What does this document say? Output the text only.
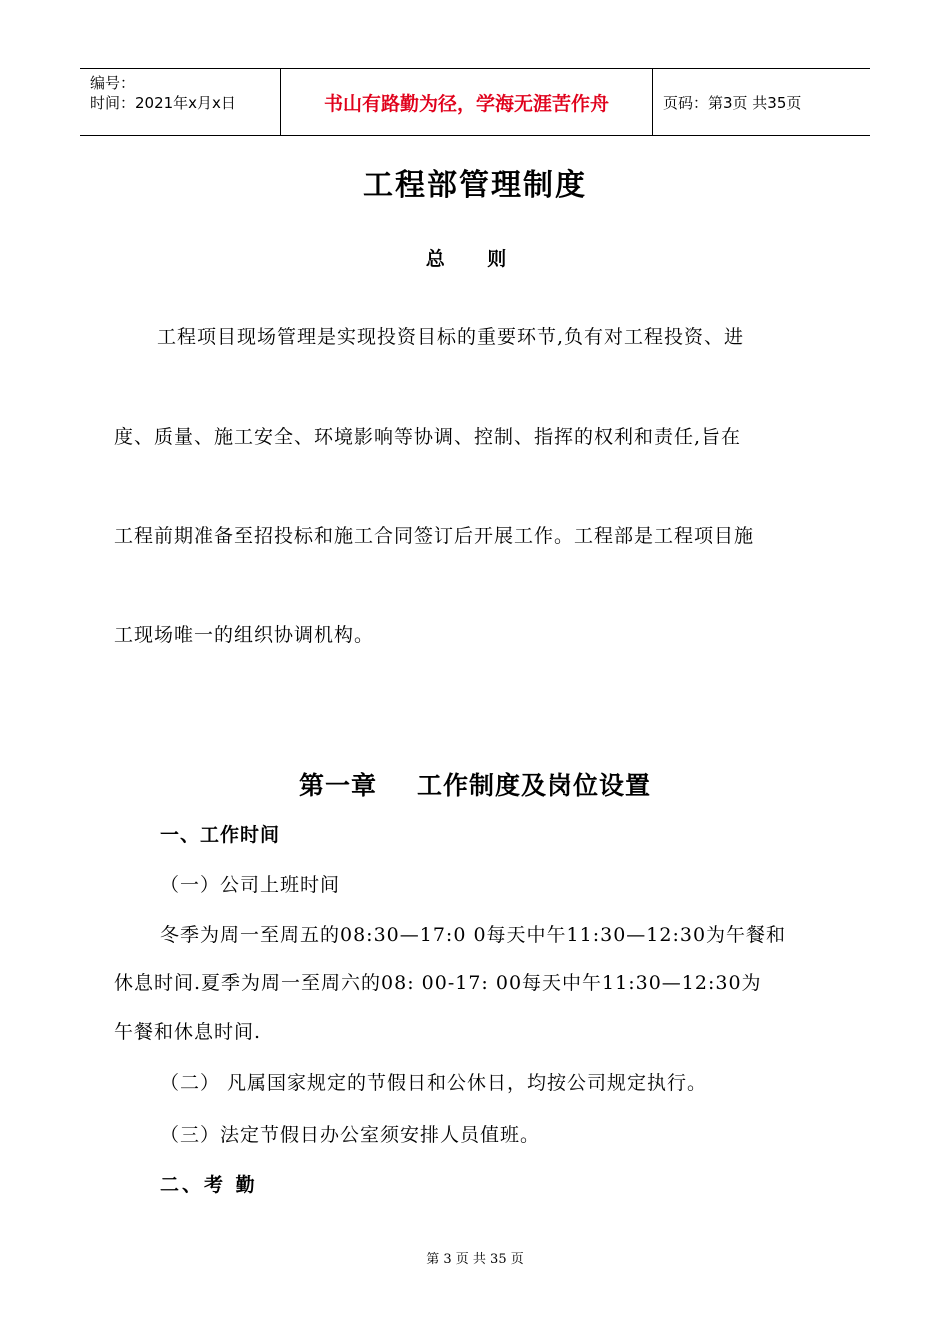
编号：
时间：2021年x月x日	书山有路勤为径，学海无涯苦作舟	页码：第3页 共35页
工程部管理制度
总 则
工程项目现场管理是实现投资目标的重要环节,负有对工程投资、进
度、质量、施工安全、环境影响等协调、控制、指挥的权利和责任,旨在
工程前期准备至招投标和施工合同签订后开展工作。工程部是工程项目施
工现场唯一的组织协调机构。
第一章 工作制度及岗位设置
一、工作时间
（一）公司上班时间
冬季为周一至周五的08:30—17:0 0每天中午11:30—12:30为午餐和
休息时间.夏季为周一至周六的08: 00-17: 00每天中午11:30—12:30为
午餐和休息时间.
（二） 凡属国家规定的节假日和公休日，均按公司规定执行。
（三）法定节假日办公室须安排人员值班。
二、考 勤
第 3 页 共 35 页
